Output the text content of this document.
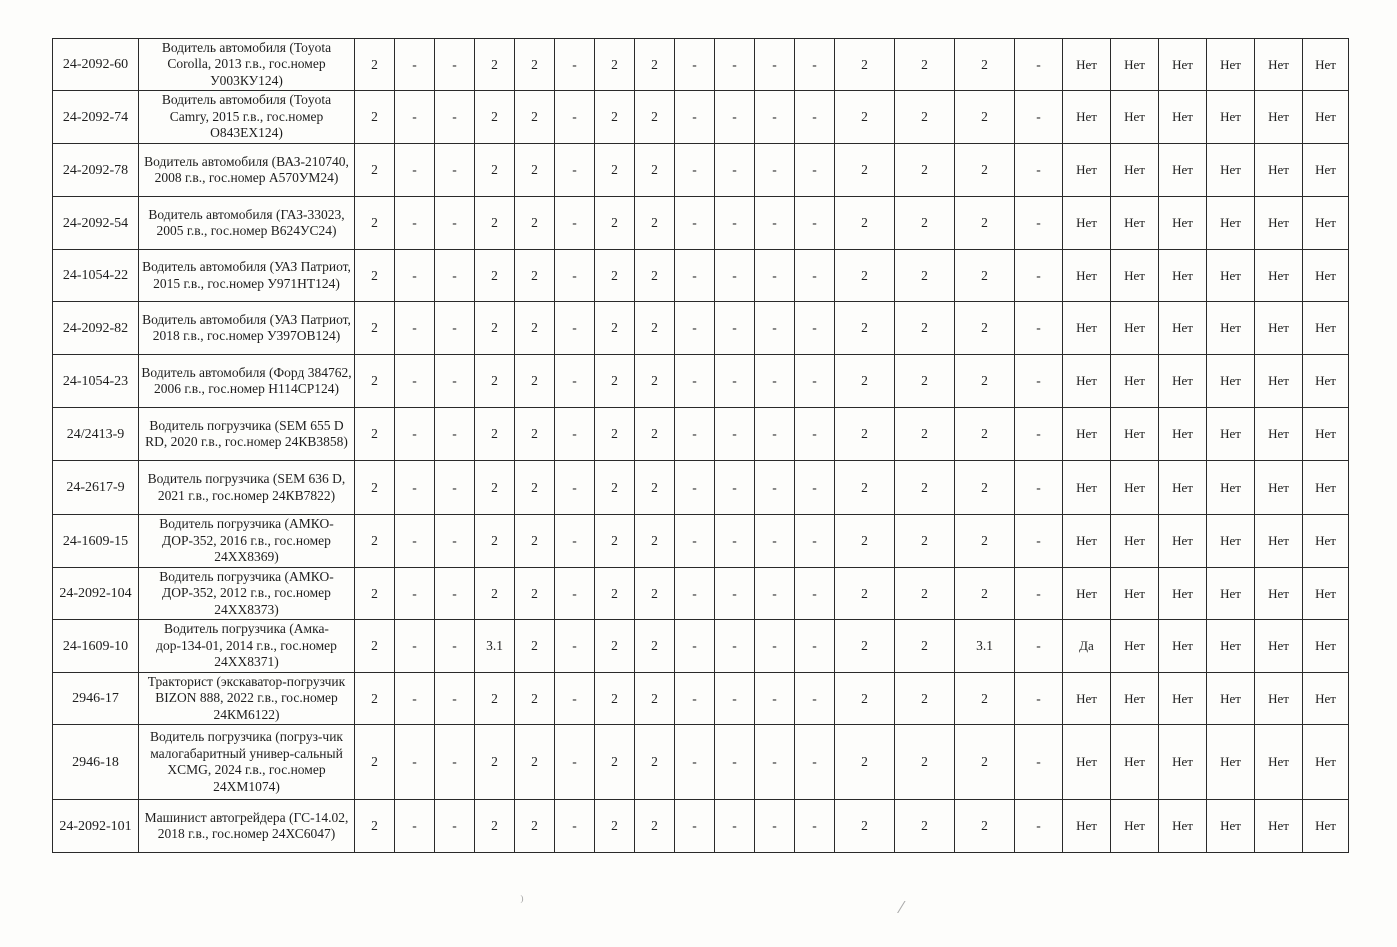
24-2092-60	Водитель автомобиля (Toyota Corolla, 2013 г.в., гос.номер У003КУ124)	2	-	-	2	2	-	2	2	-	-	-	-	2	2	2	-	Нет	Нет	Нет	Нет	Нет	Нет
24-2092-74	Водитель автомобиля (Toyota Camry, 2015 г.в., гос.номер О843ЕХ124)	2	-	-	2	2	-	2	2	-	-	-	-	2	2	2	-	Нет	Нет	Нет	Нет	Нет	Нет
24-2092-78	Водитель автомобиля (ВАЗ-210740, 2008 г.в., гос.номер А570УМ24)	2	-	-	2	2	-	2	2	-	-	-	-	2	2	2	-	Нет	Нет	Нет	Нет	Нет	Нет
24-2092-54	Водитель автомобиля (ГАЗ-33023, 2005 г.в., гос.номер В624УС24)	2	-	-	2	2	-	2	2	-	-	-	-	2	2	2	-	Нет	Нет	Нет	Нет	Нет	Нет
24-1054-22	Водитель автомобиля (УАЗ Патриот, 2015 г.в., гос.номер У971НТ124)	2	-	-	2	2	-	2	2	-	-	-	-	2	2	2	-	Нет	Нет	Нет	Нет	Нет	Нет
24-2092-82	Водитель автомобиля (УАЗ Патриот, 2018 г.в., гос.номер У397ОВ124)	2	-	-	2	2	-	2	2	-	-	-	-	2	2	2	-	Нет	Нет	Нет	Нет	Нет	Нет
24-1054-23	Водитель автомобиля (Форд 384762, 2006 г.в., гос.номер Н114СР124)	2	-	-	2	2	-	2	2	-	-	-	-	2	2	2	-	Нет	Нет	Нет	Нет	Нет	Нет
24/2413-9	Водитель погрузчика (SEM 655 D RD, 2020 г.в., гос.номер 24КВ3858)	2	-	-	2	2	-	2	2	-	-	-	-	2	2	2	-	Нет	Нет	Нет	Нет	Нет	Нет
24-2617-9	Водитель погрузчика (SEM 636 D, 2021 г.в., гос.номер 24КВ7822)	2	-	-	2	2	-	2	2	-	-	-	-	2	2	2	-	Нет	Нет	Нет	Нет	Нет	Нет
24-1609-15	Водитель погрузчика (АМКО-ДОР-352, 2016 г.в., гос.номер 24ХХ8369)	2	-	-	2	2	-	2	2	-	-	-	-	2	2	2	-	Нет	Нет	Нет	Нет	Нет	Нет
24-2092-104	Водитель погрузчика (АМКО-ДОР-352, 2012 г.в., гос.номер 24ХХ8373)	2	-	-	2	2	-	2	2	-	-	-	-	2	2	2	-	Нет	Нет	Нет	Нет	Нет	Нет
24-1609-10	Водитель погрузчика (Амка-дор-134-01, 2014 г.в., гос.номер 24ХХ8371)	2	-	-	3.1	2	-	2	2	-	-	-	-	2	2	3.1	-	Да	Нет	Нет	Нет	Нет	Нет
2946-17	Тракторист (экскаватор-погрузчик BIZON 888, 2022 г.в., гос.номер 24КМ6122)	2	-	-	2	2	-	2	2	-	-	-	-	2	2	2	-	Нет	Нет	Нет	Нет	Нет	Нет
2946-18	Водитель погрузчика (погруз-чик малогабаритный универ-сальный XCMG, 2024 г.в., гос.номер 24ХМ1074)	2	-	-	2	2	-	2	2	-	-	-	-	2	2	2	-	Нет	Нет	Нет	Нет	Нет	Нет
24-2092-101	Машинист автогрейдера (ГС-14.02, 2018 г.в., гос.номер 24ХС6047)	2	-	-	2	2	-	2	2	-	-	-	-	2	2	2	-	Нет	Нет	Нет	Нет	Нет	Нет
⁾	⁄
